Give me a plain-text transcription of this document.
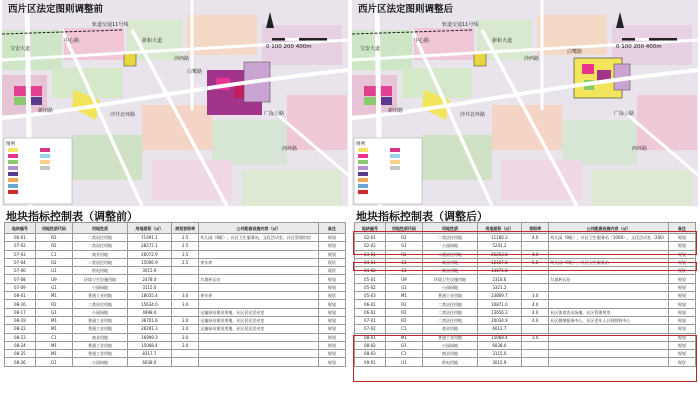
西片区法定图则调整前
轨道交通11号线
0 100 200 400m
图例
宝安大道
中心路	新和大道
沙西路
白鹭路
沙井北环路	广深公路
西环路
新田路
地块指标控制表（调整前）
地块编号	用地性质代码	用地性质	用地面积（㎡）	规划容积率	公共配套设施内容（㎡）	备注
06-01	R2	二类居住用地	71491.1	2.5	幼儿园（9班），社区卫生服务站，文化活动室，社区管理用房	规划
07-02	R2	二类居住用地	28277.1	2.5		规划
07-03	C1	商业用地	26072.9	3.5		规划
07-04	R2	二类居住用地	15006.9	2.5	停车库	现状
07-06	U1	供电用地	3015.9			现状
07-08	U9	环境卫生设施用地	2478.4		垃圾转运站	规划
07-09	G1	公园绿地	3115.0			规划
08-01	M1	普通工业用地	18035.4	3.0	停车库	现状
08-16	R2	二类居住用地	15634.0	3.0		规划
08-17	G1	公园绿地	4998.0		运输驿站建设用地，社区居民活动室	规划
08-19	M1	普通工业用地	36701.6	3.0	运输驿站建设用地，社区居民活动室	规划
08-22	M1	普通工业用地	26291.3	3.0	运输驿站建设用地，社区居民活动室	规划
08-23	C1	商业用地	16999.3	3.0		规划
08-24	M1	普通工业用地	15068.4	3.0		规划
08-25	M1	普通工业用地	8317.7			规划
08-26	G1	公园绿地	6038.0			规划
西片区法定图则调整后
轨道交通11号线
0 100 200 400m
图例
宝安大道
中心路	新和大道
沙西路
白鹭路
沙井北环路	广深公路
西环路
新田路
地块指标控制表（调整后）
地块编号	用地性质代码	用地性质	用地面积（㎡）	容积率	公共配套设施内容（㎡）	备注
02-01	R2	二类居住用地	11180.3	4.0	幼儿园（9班），社区卫生服务站（1000），文化活动室（200）	规划
02-02	G1	公园绿地	5241.2			规划
03-01	R2	二类居住用地	25233.6	4.0		规划
04-01	C1	商业用地	12187.6	5.5	幼儿园（9班），社区卫生服务站	规划
04-02	C1	商业用地	14071.6			现状
05-01	U9	环境卫生设施用地	2318.6		垃圾转运站	规划
05-02	G1	公园绿地	3321.2			规划
05-03	M1	普通工业用地	23809.7	3.0		规划
06-01	R2	二类居住用地	10871.0	4.0		规划
06-02	R2	二类居住用地	13656.3	4.0	社区体育活动场地，社区管理用房	规划
07-01	R2	二类居住用地	20034.9	4.0	社区健康服务中心，社区老年人日间照料中心	规划
07-02	C1	商业用地	6012.7			规划
08-01	M1	普通工业用地	15068.4	3.0		规划
08-02	G1	公园绿地	6038.0			规划
08-03	C1	商业用地	3115.0			规划
09-01	U1	供电用地	3015.9			现状
